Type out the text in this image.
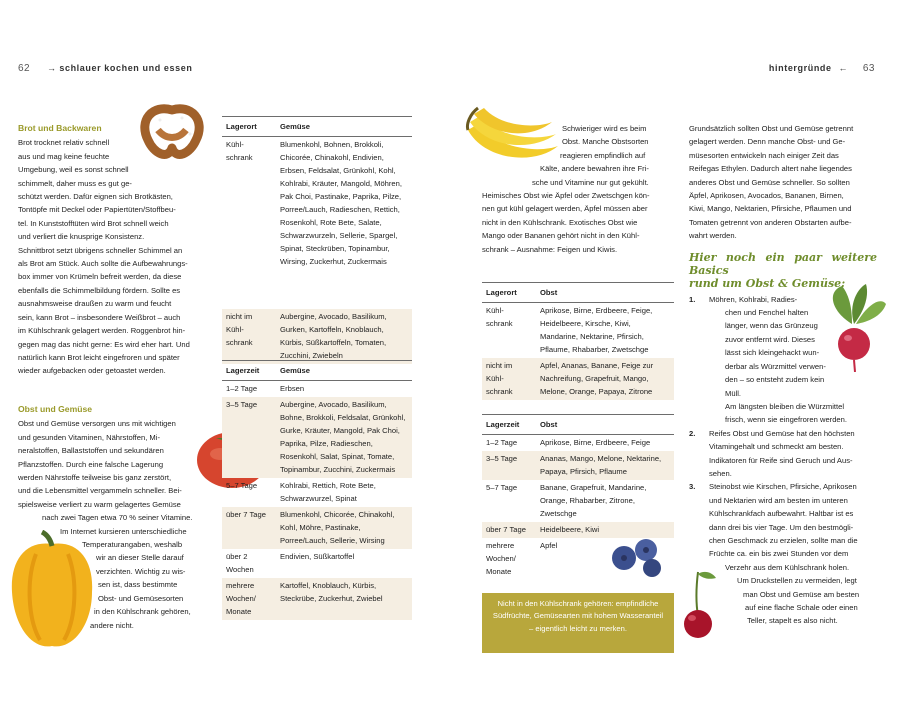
62 → schlauer kochen und essen	hintergründe ← 63
Brot und Backwaren

Brot trocknet relativ schnell

aus und mag keine feuchte

Umgebung, weil es sonst schnell

schimmelt, daher muss es gut ge-

schützt werden. Dafür eignen sich Brotkästen,

Tontöpfe mit Deckel oder Papiertüten/Stoffbeu-

tel. In Kunststofftüten wird Brot schnell weich

und verliert die knusprige Konsistenz.

Schnittbrot setzt übrigens schneller Schimmel an

als Brot am Stück. Auch sollte die Aufbewahrungs-

box immer von Krümeln befreit werden, da diese

ebenfalls die Schimmelbildung fördern. Sollte es

ausnahmsweise draußen zu warm und feucht

sein, kann Brot – insbesondere Weißbrot – auch

im Kühlschrank gelagert werden. Roggenbrot hin-

gegen mag das nicht gerne: Es wird eher hart. Und

natürlich kann Brot leicht eingefroren und später

wieder aufgebacken oder getoastet werden.

Obst und Gemüse

Obst und Gemüse versorgen uns mit wichtigen

und gesunden Vitaminen, Nährstoffen, Mi-

neralstoffen, Ballaststoffen und sekundären

Pflanzstoffen. Durch eine falsche Lagerung

werden Nährstoffe teilweise bis ganz zerstört,

und die Lebensmittel vergammeln schneller. Bei-

spielsweise verliert zu warm gelagertes Gemüse

nach zwei Tagen etwa 70 % seiner Vitamine.

Im Internet kursieren unterschiedliche

Temperaturangaben, weshalb

wir an dieser Stelle darauf

verzichten. Wichtig zu wis-

sen ist, dass bestimmte

Obst- und Gemüsesorten

in den Kühlschrank gehören,

andere nicht.

Lagerort	Gemüse
Kühl-
schrank	Blumenkohl, Bohnen, Brokkoli, Chicorée, Chinakohl, Endivien, Erbsen, Feldsalat, Grünkohl, Kohl, Kohlrabi, Kräuter, Mangold, Möhren, Pak Choi, Pastinake, Paprika, Pilze, Porree/Lauch, Radieschen, Rettich, Rosenkohl, Rote Bete, Salate, Schwarzwurzeln, Sellerie, Spargel, Spinat, Steckrüben, Topinambur, Wirsing, Zuckerhut, Zuckermais
nicht im
Kühl-
schrank	Aubergine, Avocado, Basilikum, Gurken, Kartoffeln, Knoblauch, Kürbis, Süßkartoffeln, Tomaten, Zucchini, Zwiebeln
Lagerzeit	Gemüse
1–2 Tage	Erbsen
3–5 Tage	Aubergine, Avocado, Basilikum, Bohne, Brokkoli, Feldsalat, Grünkohl, Gurke, Kräuter, Mangold, Pak Choi, Paprika, Pilze, Radieschen, Rosenkohl, Salat, Spinat, Tomate, Topinambur, Zucchini, Zuckermais
5–7 Tage	Kohlrabi, Rettich, Rote Bete, Schwarzwurzel, Spinat
über 7 Tage	Blumenkohl, Chicorée, Chinakohl, Kohl, Möhre, Pastinake, Porree/Lauch, Sellerie, Wirsing
über 2
Wochen	Endivien, Süßkartoffel
mehrere
Wochen/
Monate	Kartoffel, Knoblauch, Kürbis, Steckrübe, Zuckerhut, Zwiebel

Schwieriger wird es beim

Obst. Manche Obstsorten

reagieren empfindlich auf

Kälte, andere bewahren ihre Fri-

sche und Vitamine nur gut gekühlt.

Heimisches Obst wie Äpfel oder Zwetschgen kön-

nen gut kühl gelagert werden, Äpfel müssen aber

nicht in den Kühlschrank. Exotisches Obst wie

Mango oder Bananen gehört nicht in den Kühl-

schrank – Ausnahme: Feigen und Kiwis.

Lagerort	Obst
Kühl-
schrank	Aprikose, Birne, Erdbeere, Feige, Heidelbeere, Kirsche, Kiwi, Mandarine, Nektarine, Pfirsich, Pflaume, Rhabarber, Zwetschge
nicht im
Kühl-
schrank	Apfel, Ananas, Banane, Feige zur Nachreifung, Grapefruit, Mango, Melone, Orange, Papaya, Zitrone
Lagerzeit	Obst
1–2 Tage	Aprikose, Birne, Erdbeere, Feige
3–5 Tage	Ananas, Mango, Melone, Nektarine, Papaya, Pfirsich, Pflaume
5–7 Tage	Banane, Grapefruit, Mandarine, Orange, Rhabarber, Zitrone, Zwetschge
über 7 Tage	Heidelbeere, Kiwi
mehrere
Wochen/
Monate	Apfel
Nicht in den Kühlschrank gehören: empfindliche Südfrüchte, Gemüsearten mit hohem Wasseranteil – eigentlich leicht zu merken.

Grundsätzlich sollten Obst und Gemüse getrennt

gelagert werden. Denn manche Obst- und Ge-

müsesorten entwickeln nach einiger Zeit das

Reifegas Ethylen. Dadurch altert nahe liegendes

anderes Obst und Gemüse schneller. So sollten

Äpfel, Aprikosen, Avocados, Bananen, Birnen,

Kiwi, Mango, Nektarien, Pfirsiche, Pflaumen und

Tomaten getrennt von anderen Obstarten aufbe-

wahrt werden.

Hier noch ein paar weitere Basics
rund um Obst & Gemüse:
1. Möhren, Kohlrabi, Radies-

chen und Fenchel halten

länger, wenn das Grünzeug

zuvor entfernt wird. Dieses

lässt sich kleingehackt wun-

derbar als Würzmittel verwen-

den – so entsteht zudem kein Müll.

Am längsten bleiben die Würzmittel

frisch, wenn sie eingefroren werden.

2. Reifes Obst und Gemüse hat den höchsten

Vitamingehalt und schmeckt am besten.

Indikatoren für Reife sind Geruch und Aus-

sehen.

3. Steinobst wie Kirschen, Pfirsiche, Aprikosen

und Nektarien wird am besten im unteren

Kühlschrankfach aufbewahrt. Haltbar ist es

dann drei bis vier Tage. Um den bestmögli-

chen Geschmack zu erzielen, sollte man die

Früchte ca. ein bis zwei Stunden vor dem

Verzehr aus dem Kühlschrank holen.

Um Druckstellen zu vermeiden, legt

man Obst und Gemüse am besten

auf eine flache Schale oder einen

Teller, stapelt es also nicht.
